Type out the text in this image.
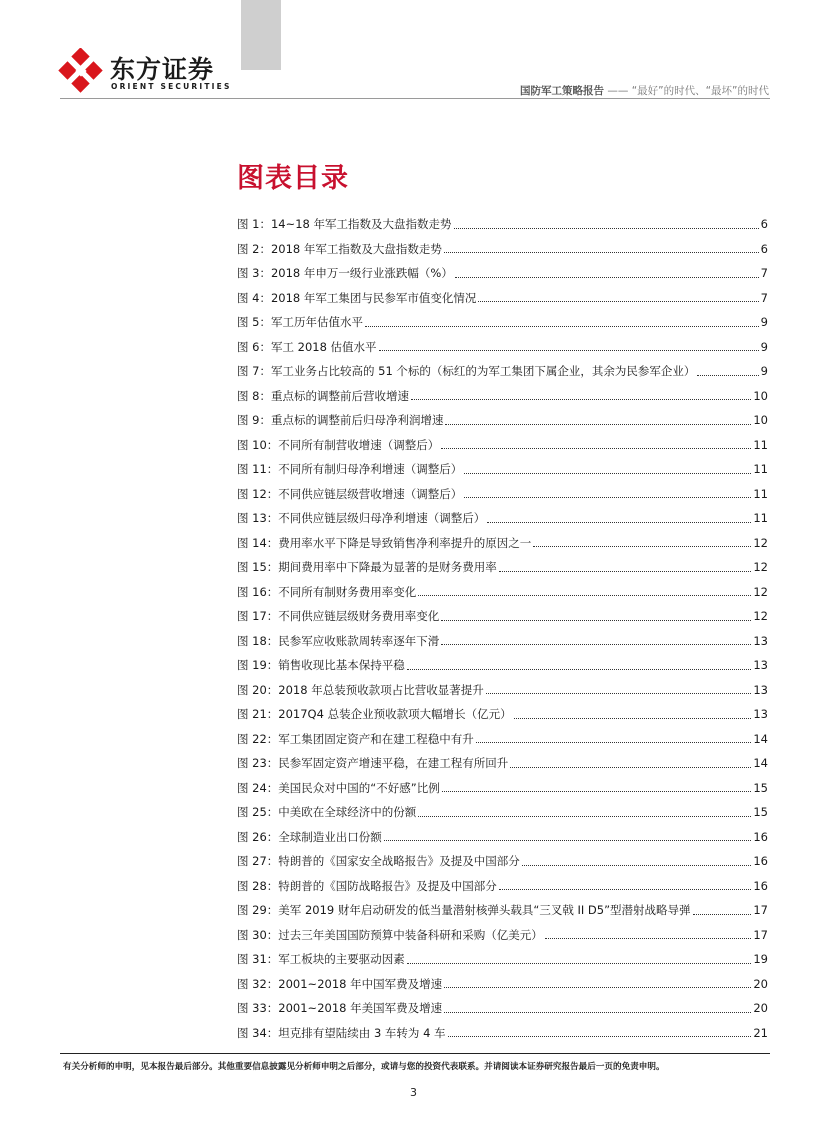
东方证券
ORIENT SECURITIES	国防军工策略报告 —— “最好”的时代、“最坏”的时代
图表目录
图 1：14~18 年军工指数及大盘指数走势	6
图 2：2018 年军工指数及大盘指数走势	6
图 3：2018 年申万一级行业涨跌幅（%）	7
图 4：2018 年军工集团与民参军市值变化情况	7
图 5：军工历年估值水平	9
图 6：军工 2018 估值水平	9
图 7：军工业务占比较高的 51 个标的（标红的为军工集团下属企业，其余为民参军企业）	9
图 8：重点标的调整前后营收增速	10
图 9：重点标的调整前后归母净利润增速	10
图 10：不同所有制营收增速（调整后）	11
图 11：不同所有制归母净利增速（调整后）	11
图 12：不同供应链层级营收增速（调整后）	11
图 13：不同供应链层级归母净利增速（调整后）	11
图 14：费用率水平下降是导致销售净利率提升的原因之一	12
图 15：期间费用率中下降最为显著的是财务费用率	12
图 16：不同所有制财务费用率变化	12
图 17：不同供应链层级财务费用率变化	12
图 18：民参军应收账款周转率逐年下滑	13
图 19：销售收现比基本保持平稳	13
图 20：2018 年总装预收款项占比营收显著提升	13
图 21：2017Q4 总装企业预收款项大幅增长（亿元）	13
图 22：军工集团固定资产和在建工程稳中有升	14
图 23：民参军固定资产增速平稳，在建工程有所回升	14
图 24：美国民众对中国的“不好感”比例	15
图 25：中美欧在全球经济中的份额	15
图 26：全球制造业出口份额	16
图 27：特朗普的《国家安全战略报告》及提及中国部分	16
图 28：特朗普的《国防战略报告》及提及中国部分	16
图 29：美军 2019 财年启动研发的低当量潜射核弹头载具“三叉戟 II D5”型潜射战略导弹	17
图 30：过去三年美国国防预算中装备科研和采购（亿美元）	17
图 31：军工板块的主要驱动因素	19
图 32：2001~2018 年中国军费及增速	20
图 33：2001~2018 年美国军费及增速	20
图 34：坦克排有望陆续由 3 车转为 4 车	21
有关分析师的申明，见本报告最后部分。其他重要信息披露见分析师申明之后部分，或请与您的投资代表联系。并请阅读本证券研究报告最后一页的免责申明。
3
